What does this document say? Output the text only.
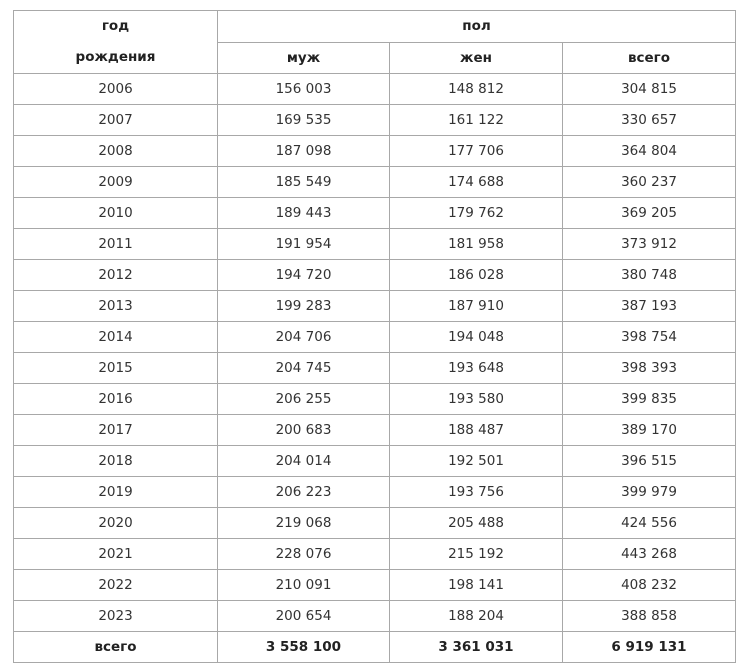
год
рождения	пол		
	муж	жен	всего
2006	156 003	148 812	304 815
2007	169 535	161 122	330 657
2008	187 098	177 706	364 804
2009	185 549	174 688	360 237
2010	189 443	179 762	369 205
2011	191 954	181 958	373 912
2012	194 720	186 028	380 748
2013	199 283	187 910	387 193
2014	204 706	194 048	398 754
2015	204 745	193 648	398 393
2016	206 255	193 580	399 835
2017	200 683	188 487	389 170
2018	204 014	192 501	396 515
2019	206 223	193 756	399 979
2020	219 068	205 488	424 556
2021	228 076	215 192	443 268
2022	210 091	198 141	408 232
2023	200 654	188 204	388 858
всего	3 558 100	3 361 031	6 919 131
